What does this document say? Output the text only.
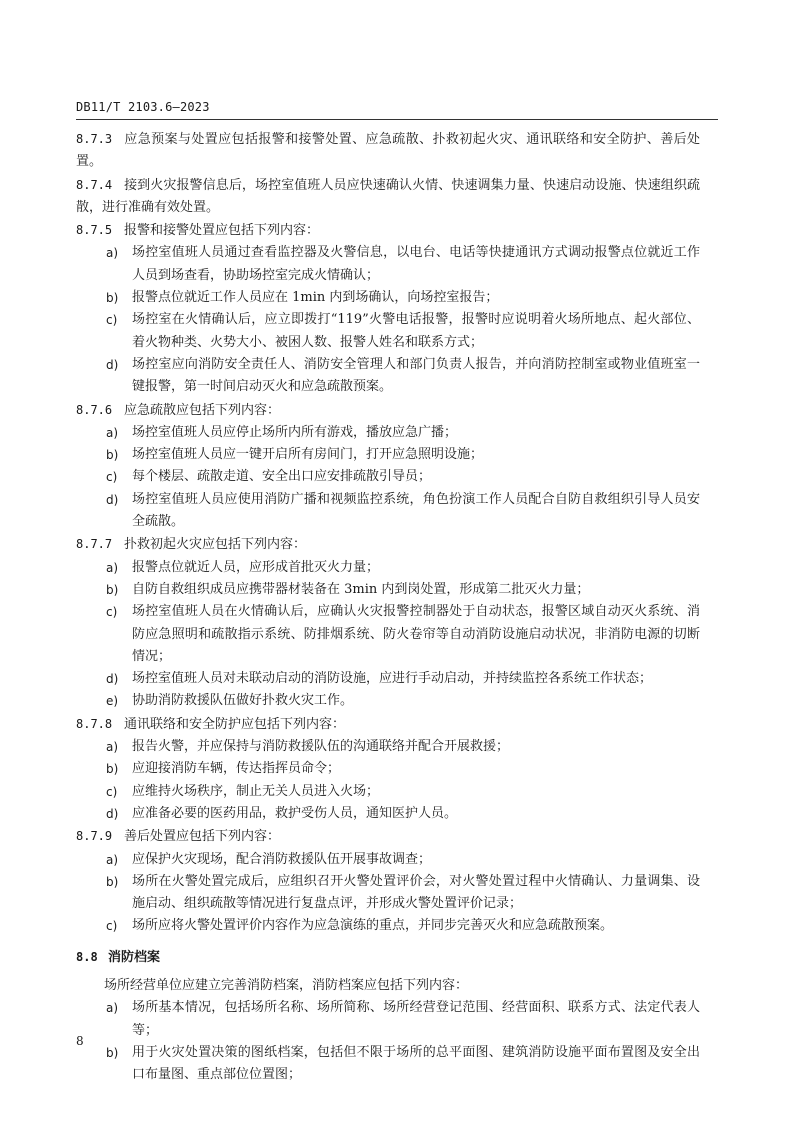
DB11/T 2103.6—2023
8.7.3 应急预案与处置应包括报警和接警处置、应急疏散、扑救初起火灾、通讯联络和安全防护、善后处置。
8.7.4 接到火灾报警信息后，场控室值班人员应快速确认火情、快速调集力量、快速启动设施、快速组织疏散，进行准确有效处置。
8.7.5 报警和接警处置应包括下列内容：
a) 场控室值班人员通过查看监控器及火警信息，以电台、电话等快捷通讯方式调动报警点位就近工作人员到场查看，协助场控室完成火情确认；
b) 报警点位就近工作人员应在 1min 内到场确认，向场控室报告；
c) 场控室在火情确认后，应立即拨打“119”火警电话报警，报警时应说明着火场所地点、起火部位、着火物种类、火势大小、被困人数、报警人姓名和联系方式；
d) 场控室应向消防安全责任人、消防安全管理人和部门负责人报告，并向消防控制室或物业值班室一键报警，第一时间启动灭火和应急疏散预案。
8.7.6 应急疏散应包括下列内容：
a) 场控室值班人员应停止场所内所有游戏，播放应急广播；
b) 场控室值班人员应一键开启所有房间门，打开应急照明设施；
c) 每个楼层、疏散走道、安全出口应安排疏散引导员；
d) 场控室值班人员应使用消防广播和视频监控系统，角色扮演工作人员配合自防自救组织引导人员安全疏散。
8.7.7 扑救初起火灾应包括下列内容：
a) 报警点位就近人员，应形成首批灭火力量；
b) 自防自救组织成员应携带器材装备在 3min 内到岗处置，形成第二批灭火力量；
c) 场控室值班人员在火情确认后，应确认火灾报警控制器处于自动状态，报警区域自动灭火系统、消防应急照明和疏散指示系统、防排烟系统、防火卷帘等自动消防设施启动状况，非消防电源的切断情况；
d) 场控室值班人员对未联动启动的消防设施，应进行手动启动，并持续监控各系统工作状态；
e) 协助消防救援队伍做好扑救火灾工作。
8.7.8 通讯联络和安全防护应包括下列内容：
a) 报告火警，并应保持与消防救援队伍的沟通联络并配合开展救援；
b) 应迎接消防车辆，传达指挥员命令；
c) 应维持火场秩序，制止无关人员进入火场；
d) 应准备必要的医药用品，救护受伤人员，通知医护人员。
8.7.9 善后处置应包括下列内容：
a) 应保护火灾现场，配合消防救援队伍开展事故调查；
b) 场所在火警处置完成后，应组织召开火警处置评价会，对火警处置过程中火情确认、力量调集、设施启动、组织疏散等情况进行复盘点评，并形成火警处置评价记录；
c) 场所应将火警处置评价内容作为应急演练的重点，并同步完善灭火和应急疏散预案。
8.8 消防档案
场所经营单位应建立完善消防档案，消防档案应包括下列内容：
a) 场所基本情况，包括场所名称、场所简称、场所经营登记范围、经营面积、联系方式、法定代表人等；
b) 用于火灾处置决策的图纸档案，包括但不限于场所的总平面图、建筑消防设施平面布置图及安全出口布量图、重点部位位置图；
8
